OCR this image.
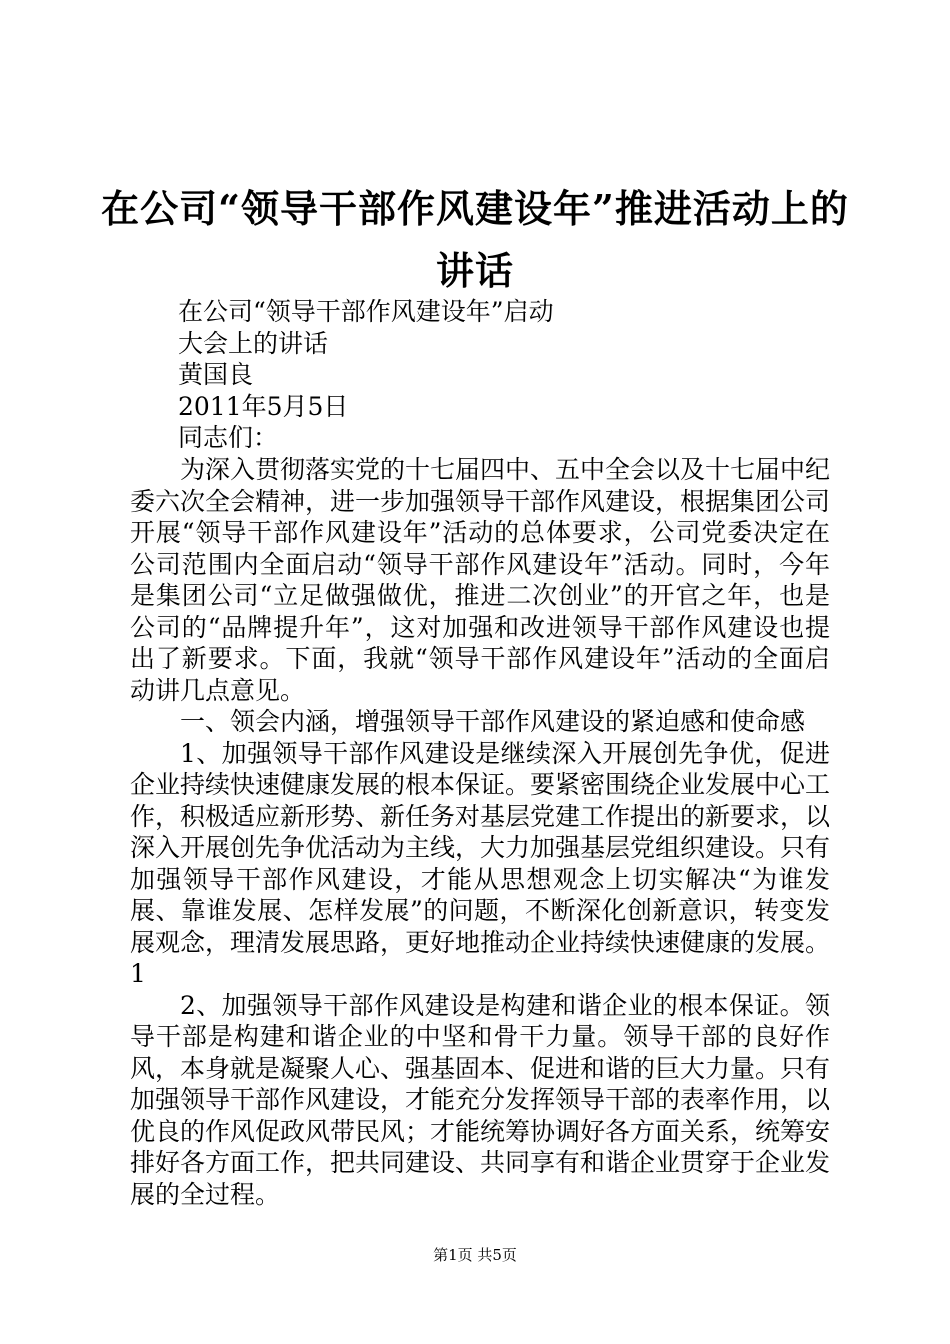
在公司“领导干部作风建设年”推进活动上的
讲话
在公司“领导干部作风建设年”启动
大会上的讲话
黄国良
2011年5月5日
同志们：

为深入贯彻落实党的十七届四中、五中全会以及十七届中纪委六次全会精神，进一步加强领导干部作风建设，根据集团公司开展“领导干部作风建设年”活动的总体要求，公司党委决定在公司范围内全面启动“领导干部作风建设年”活动。同时，今年是集团公司“立足做强做优，推进二次创业”的开官之年，也是公司的“品牌提升年”，这对加强和改进领导干部作风建设也提出了新要求。下面，我就“领导干部作风建设年”活动的全面启动讲几点意见。

一、领会内涵，增强领导干部作风建设的紧迫感和使命感

1、加强领导干部作风建设是继续深入开展创先争优，促进企业持续快速健康发展的根本保证。要紧密围绕企业发展中心工作，积极适应新形势、新任务对基层党建工作提出的新要求，以深入开展创先争优活动为主线，大力加强基层党组织建设。只有加强领导干部作风建设，才能从思想观念上切实解决“为谁发展、靠谁发展、怎样发展”的问题，不断深化创新意识，转变发展观念，理清发展思路，更好地推动企业持续快速健康的发展。1

2、加强领导干部作风建设是构建和谐企业的根本保证。领导干部是构建和谐企业的中坚和骨干力量。领导干部的良好作风，本身就是凝聚人心、强基固本、促进和谐的巨大力量。只有加强领导干部作风建设，才能充分发挥领导干部的表率作用，以优良的作风促政风带民风；才能统筹协调好各方面关系，统筹安排好各方面工作，把共同建设、共同享有和谐企业贯穿于企业发展的全过程。

第1页 共5页
